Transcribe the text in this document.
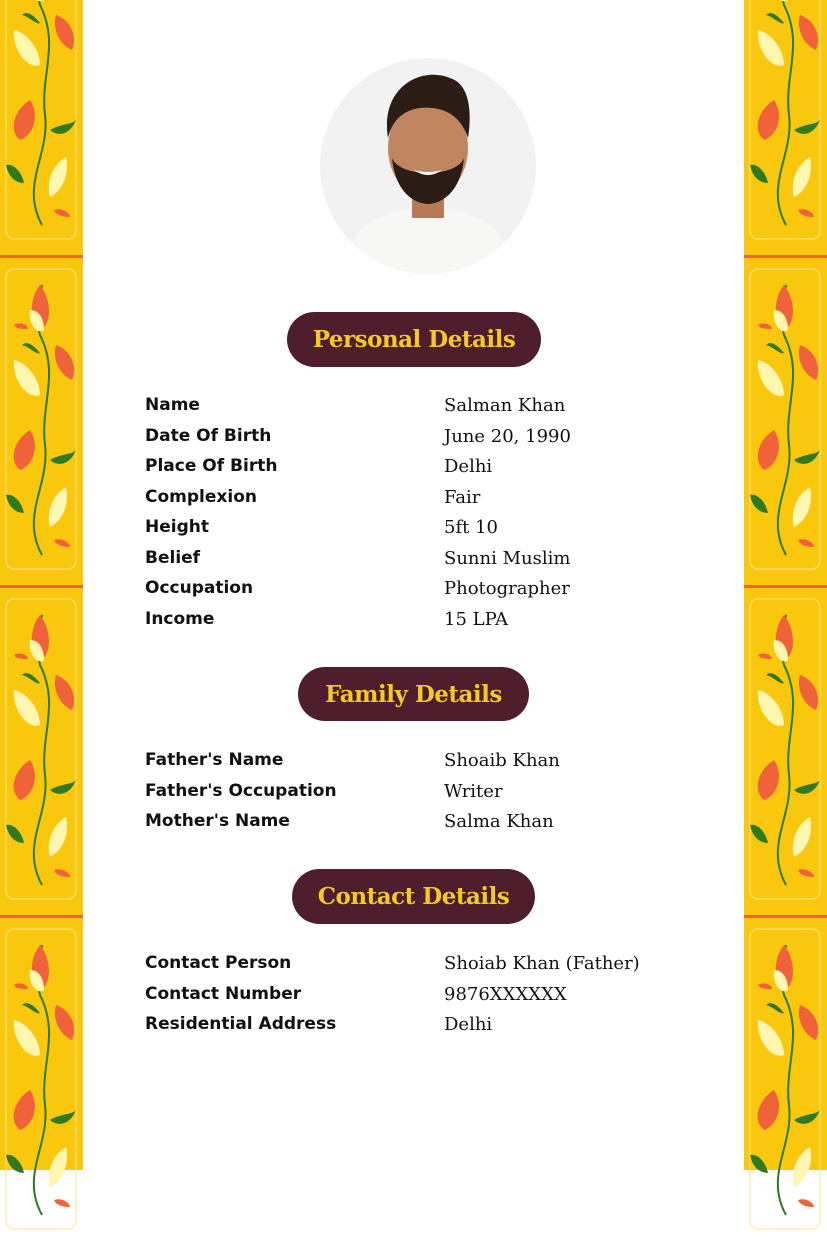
Personal Details
Name	Salman Khan
Date Of Birth	June 20, 1990
Place Of Birth	Delhi
Complexion	Fair
Height	5ft 10
Belief	Sunni Muslim
Occupation	Photographer
Income	15 LPA
Family Details
Father's Name	Shoaib Khan
Father's Occupation	Writer
Mother's Name	Salma Khan
Contact Details
Contact Person	Shoiab Khan (Father)
Contact Number	9876XXXXXX
Residential Address	Delhi
